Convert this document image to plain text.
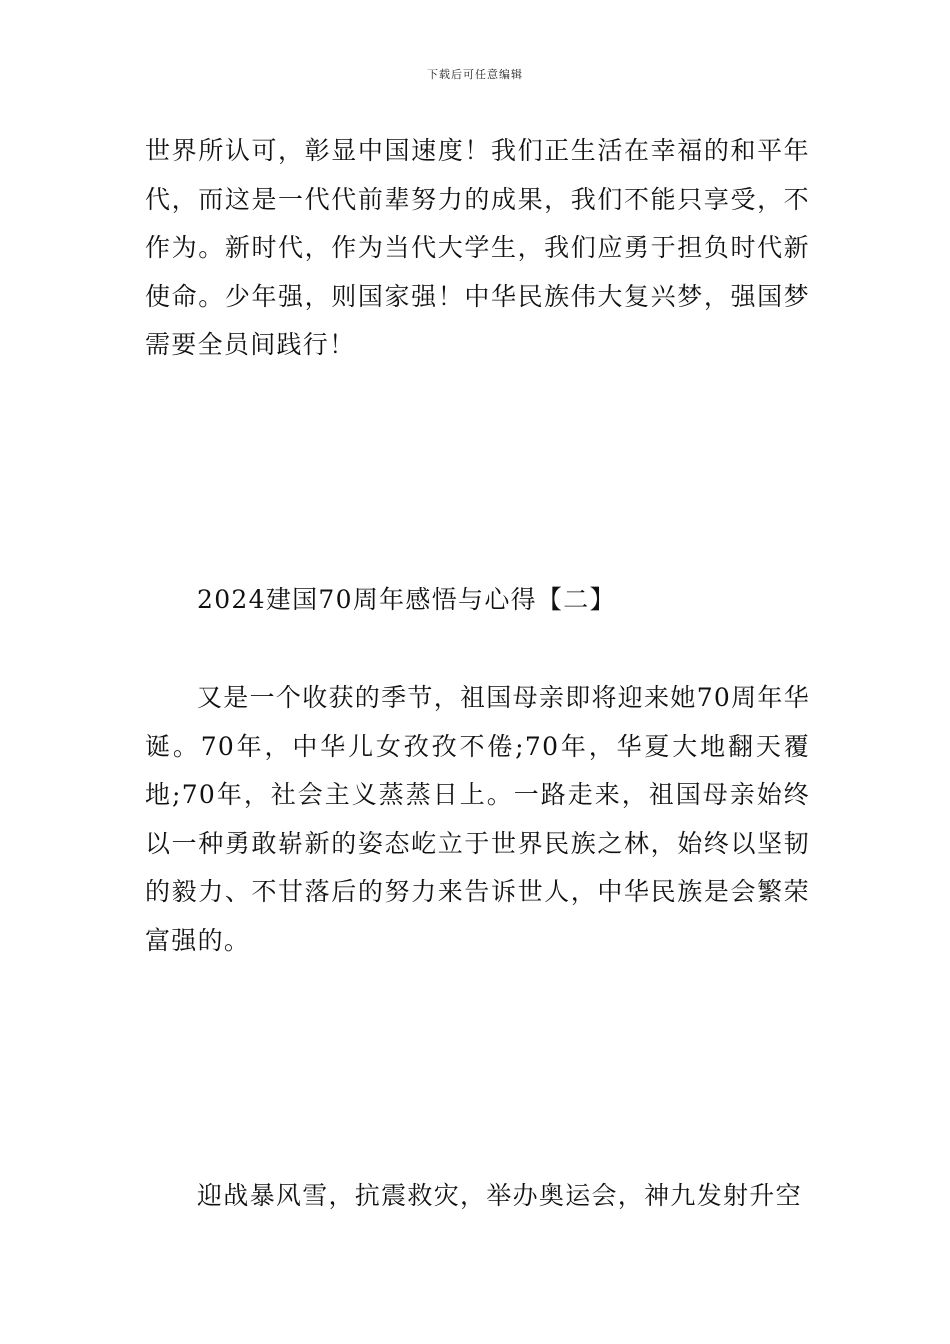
下载后可任意编辑

世界所认可，彰显中国速度！我们正生活在幸福的和平年代，而这是一代代前辈努力的成果，我们不能只享受，不作为。新时代，作为当代大学生，我们应勇于担负时代新使命。少年强，则国家强！中华民族伟大复兴梦，强国梦需要全员间践行！

2024建国70周年感悟与心得【二】

又是一个收获的季节，祖国母亲即将迎来她70周年华诞。70年，中华儿女孜孜不倦;70年，华夏大地翻天覆地;70年，社会主义蒸蒸日上。一路走来，祖国母亲始终以一种勇敢崭新的姿态屹立于世界民族之林，始终以坚韧的毅力、不甘落后的努力来告诉世人，中华民族是会繁荣富强的。

迎战暴风雪，抗震救灾，举办奥运会，神九发射升空
